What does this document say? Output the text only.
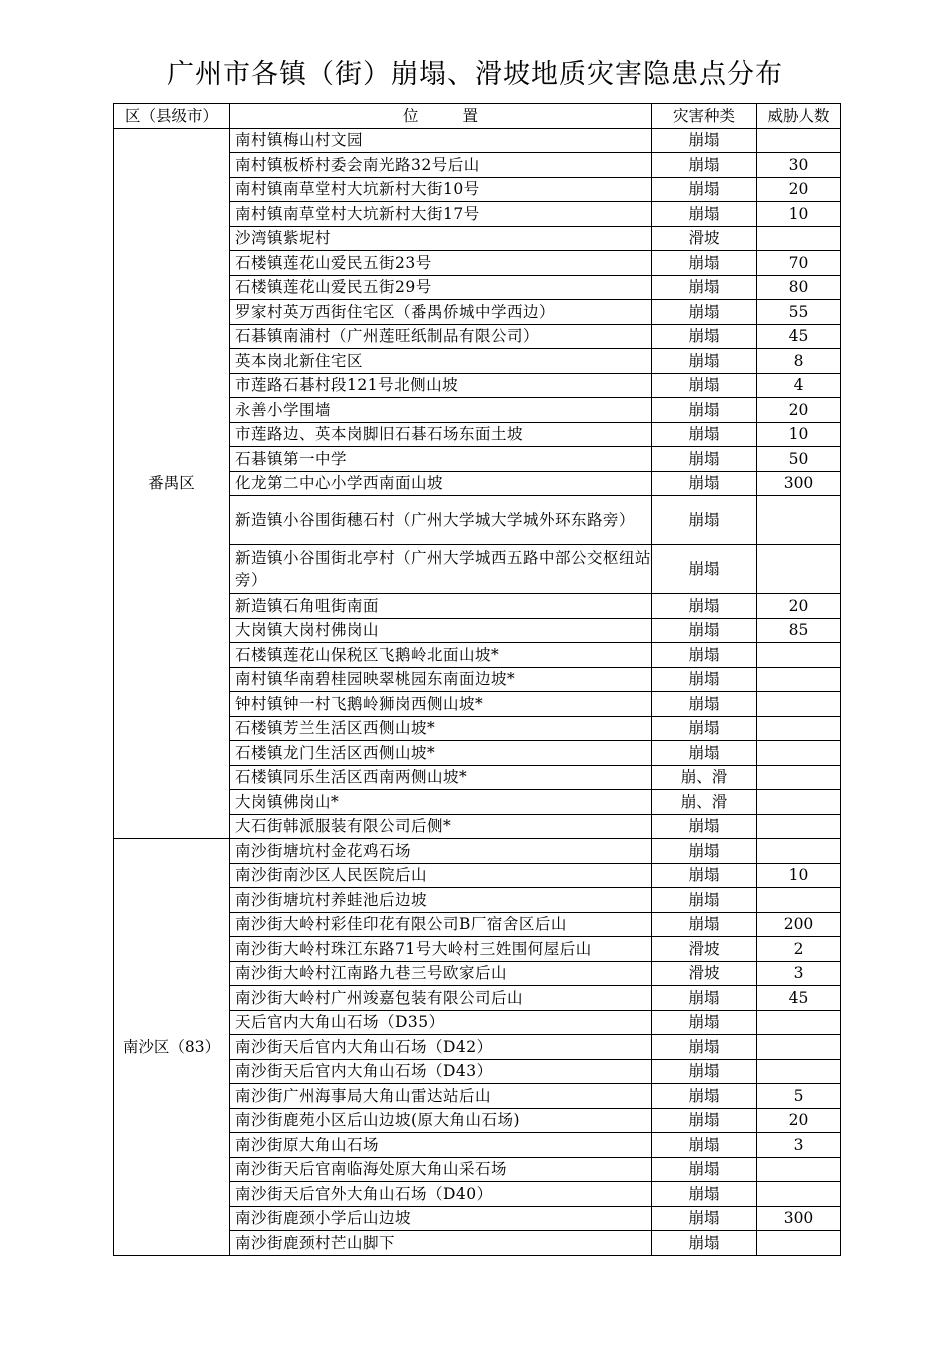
广州市各镇（街）崩塌、滑坡地质灾害隐患点分布
区（县级市）	位 置	灾害种类	威胁人数
番禺区	南村镇梅山村文园	崩塌	
	南村镇板桥村委会南光路32号后山	崩塌	30
	南村镇南草堂村大坑新村大街10号	崩塌	20
	南村镇南草堂村大坑新村大街17号	崩塌	10
	沙湾镇紫坭村	滑坡	
	石楼镇莲花山爱民五街23号	崩塌	70
	石楼镇莲花山爱民五街29号	崩塌	80
	罗家村英万西街住宅区（番禺侨城中学西边）	崩塌	55
	石碁镇南浦村（广州莲旺纸制品有限公司）	崩塌	45
	英本岗北新住宅区	崩塌	8
	市莲路石碁村段121号北侧山坡	崩塌	4
	永善小学围墙	崩塌	20
	市莲路边、英本岗脚旧石碁石场东面土坡	崩塌	10
	石碁镇第一中学	崩塌	50
	化龙第二中心小学西南面山坡	崩塌	300
	新造镇小谷围街穗石村（广州大学城大学城外环东路旁）	崩塌	
	新造镇小谷围街北亭村（广州大学城西五路中部公交枢纽站旁）	崩塌	
	新造镇石角咀街南面	崩塌	20
	大岗镇大岗村佛岗山	崩塌	85
	石楼镇莲花山保税区飞鹅岭北面山坡*	崩塌	
	南村镇华南碧桂园映翠桃园东南面边坡*	崩塌	
	钟村镇钟一村飞鹅岭狮岗西侧山坡*	崩塌	
	石楼镇芳兰生活区西侧山坡*	崩塌	
	石楼镇龙门生活区西侧山坡*	崩塌	
	石楼镇同乐生活区西南两侧山坡*	崩、滑	
	大岗镇佛岗山*	崩、滑	
	大石街韩派服装有限公司后侧*	崩塌	
南沙区（83）	南沙街塘坑村金花鸡石场	崩塌	
	南沙街南沙区人民医院后山	崩塌	10
	南沙街塘坑村养蛙池后边坡	崩塌	
	南沙街大岭村彩佳印花有限公司B厂宿舍区后山	崩塌	200
	南沙街大岭村珠江东路71号大岭村三姓围何屋后山	滑坡	2
	南沙街大岭村江南路九巷三号欧家后山	滑坡	3
	南沙街大岭村广州竣嘉包装有限公司后山	崩塌	45
	天后官内大角山石场（D35）	崩塌	
	南沙街天后官内大角山石场（D42）	崩塌	
	南沙街天后官内大角山石场（D43）	崩塌	
	南沙街广州海事局大角山雷达站后山	崩塌	5
	南沙街鹿苑小区后山边坡(原大角山石场)	崩塌	20
	南沙街原大角山石场	崩塌	3
	南沙街天后官南临海处原大角山采石场	崩塌	
	南沙街天后官外大角山石场（D40）	崩塌	
	南沙街鹿颈小学后山边坡	崩塌	300
	南沙街鹿颈村芒山脚下	崩塌	
